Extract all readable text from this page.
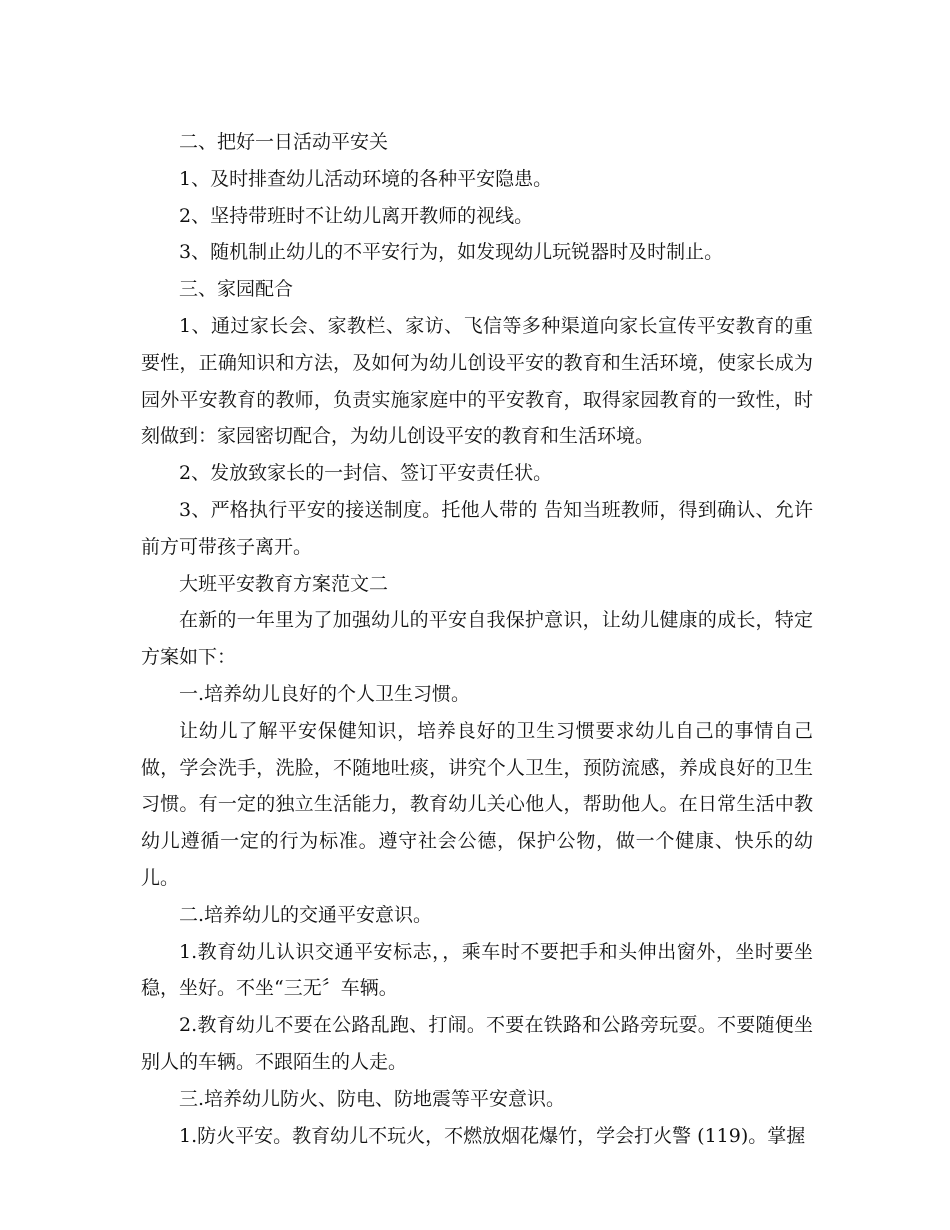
二、把好一日活动平安关

1、及时排查幼儿活动环境的各种平安隐患。

2、坚持带班时不让幼儿离开教师的视线。

3、随机制止幼儿的不平安行为，如发现幼儿玩锐器时及时制止。

三、家园配合

1、通过家长会、家教栏、家访、飞信等多种渠道向家长宣传平安教育的重要性，正确知识和方法，及如何为幼儿创设平安的教育和生活环境，使家长成为园外平安教育的教师，负责实施家庭中的平安教育，取得家园教育的一致性，时刻做到：家园密切配合，为幼儿创设平安的教育和生活环境。

2、发放致家长的一封信、签订平安责任状。

3、严格执行平安的接送制度。托他人带的 告知当班教师，得到确认、允许前方可带孩子离开。

大班平安教育方案范文二

在新的一年里为了加强幼儿的平安自我保护意识，让幼儿健康的成长，特定方案如下：

一.培养幼儿良好的个人卫生习惯。

让幼儿了解平安保健知识，培养良好的卫生习惯要求幼儿自己的事情自己做，学会洗手，洗脸，不随地吐痰，讲究个人卫生，预防流感，养成良好的卫生习惯。有一定的独立生活能力，教育幼儿关心他人，帮助他人。在日常生活中教幼儿遵循一定的行为标准。遵守社会公德，保护公物，做一个健康、快乐的幼儿。

二.培养幼儿的交通平安意识。

1.教育幼儿认识交通平安标志，，乘车时不要把手和头伸出窗外，坐时要坐稳，坐好。不坐“三无〞车辆。

2.教育幼儿不要在公路乱跑、打闹。不要在铁路和公路旁玩耍。不要随便坐别人的车辆。不跟陌生的人走。

三.培养幼儿防火、防电、防地震等平安意识。

1.防火平安。教育幼儿不玩火，不燃放烟花爆竹，学会打火警 (119)。掌握
